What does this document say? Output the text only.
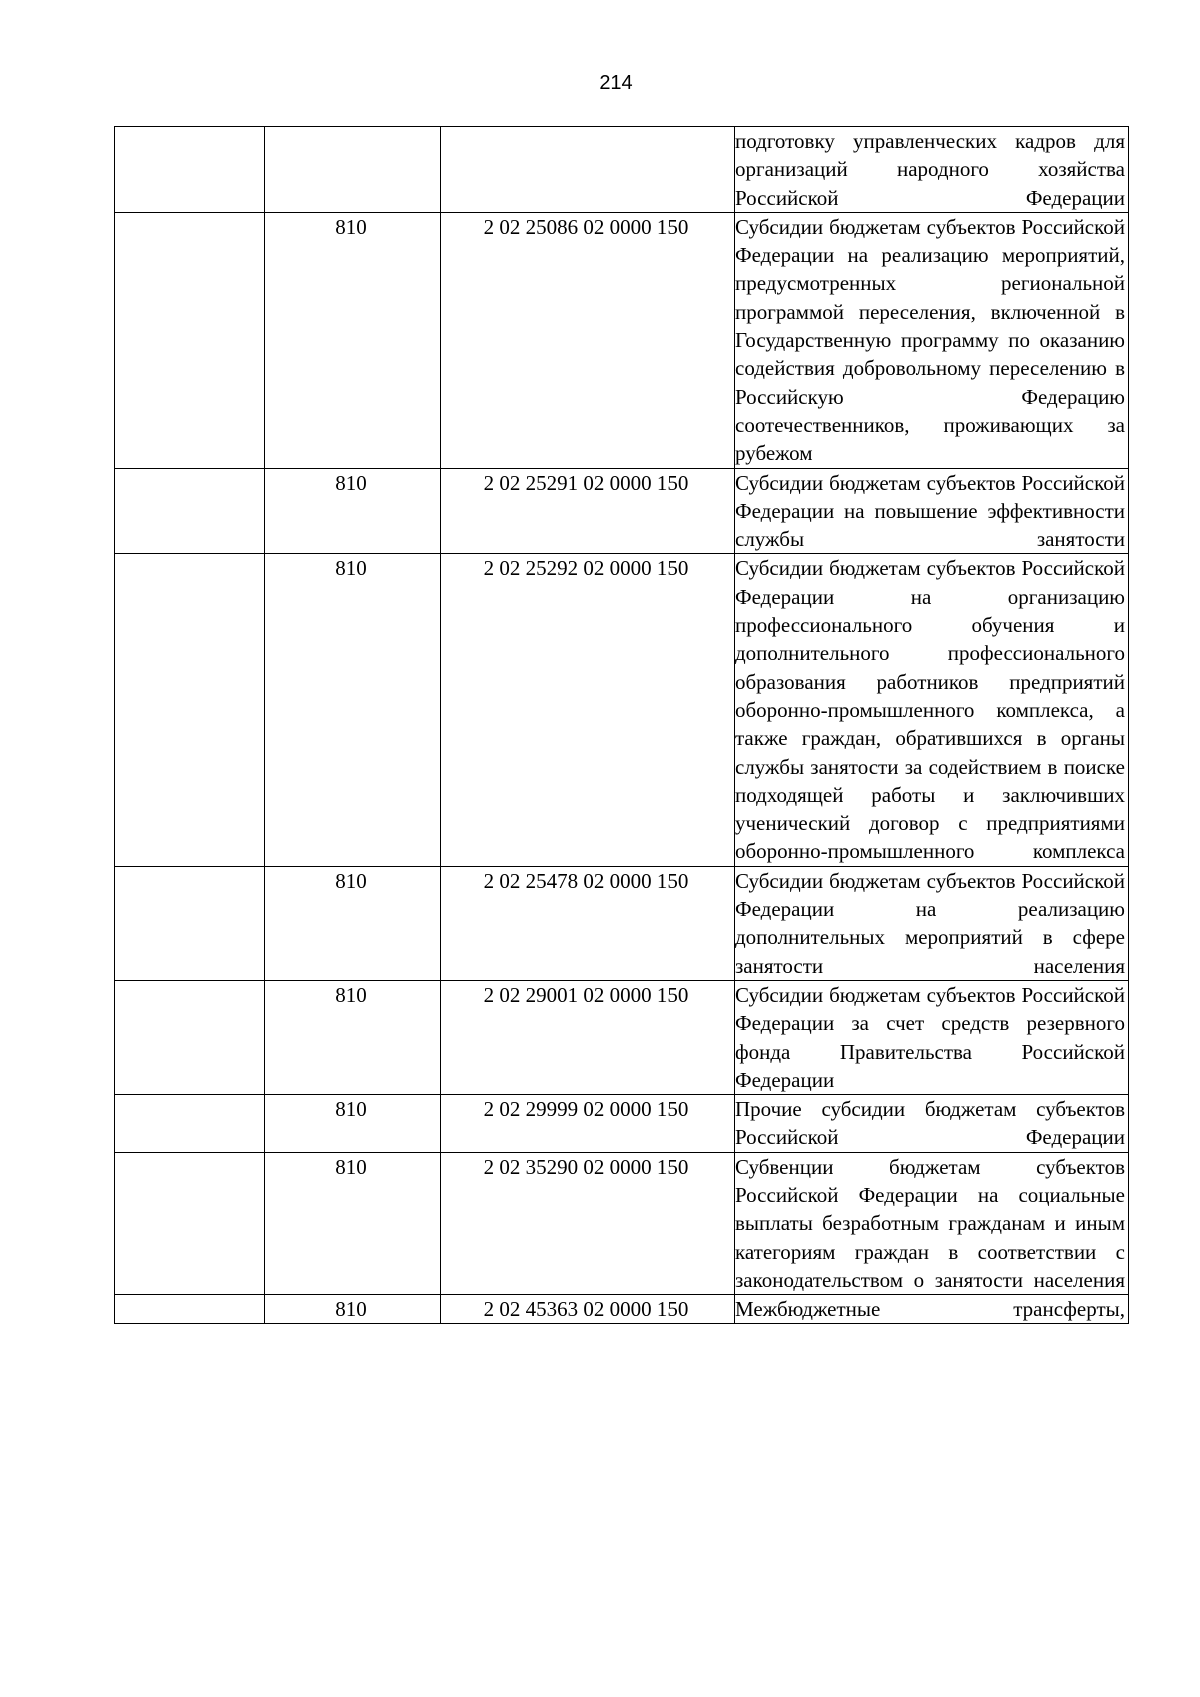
214
			подготовку управленческих кадров для организаций народного хозяйства Российской Федерации
	810	2 02 25086 02 0000 150	Субсидии бюджетам субъектов Российской Федерации на реализацию мероприятий, предусмотренных региональной программой переселения, включенной в Государственную программу по оказанию содействия добровольному переселению в Российскую Федерацию соотечественников, проживающих за рубежом
	810	2 02 25291 02 0000 150	Субсидии бюджетам субъектов Российской Федерации на повышение эффективности службы занятости
	810	2 02 25292 02 0000 150	Субсидии бюджетам субъектов Российской Федерации на организацию профессионального обучения и дополнительного профессионального образования работников предприятий оборонно-промышленного комплекса, а также граждан, обратившихся в органы службы занятости за содействием в поиске подходящей работы и заключивших ученический договор с предприятиями оборонно-промышленного комплекса
	810	2 02 25478 02 0000 150	Субсидии бюджетам субъектов Российской Федерации на реализацию дополнительных мероприятий в сфере занятости населения
	810	2 02 29001 02 0000 150	Субсидии бюджетам субъектов Российской Федерации за счет средств резервного фонда Правительства Российской Федерации
	810	2 02 29999 02 0000 150	Прочие субсидии бюджетам субъектов Российской Федерации
	810	2 02 35290 02 0000 150	Субвенции бюджетам субъектов Российской Федерации на социальные выплаты безработным гражданам и иным категориям граждан в соответствии с законодательством о занятости населения
	810	2 02 45363 02 0000 150	Межбюджетные трансферты,
